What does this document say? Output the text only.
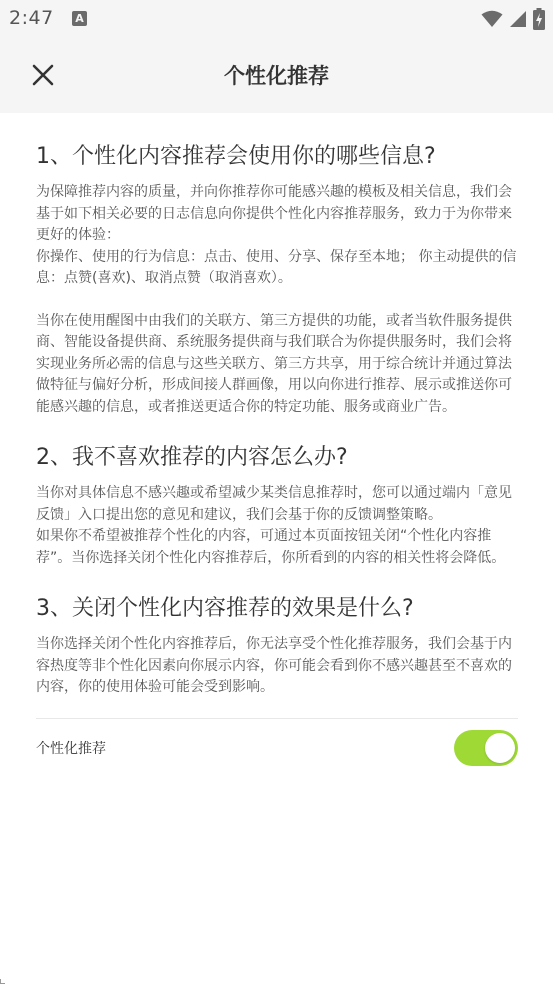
2:47 A
个性化推荐
1、个性化内容推荐会使用你的哪些信息?

为保障推荐内容的质量，并向你推荐你可能感兴趣的模板及相关信息，我们会基于如下相关必要的日志信息向你提供个性化内容推荐服务，致力于为你带来更好的体验：

你操作、使用的行为信息：点击、使用、分享、保存至本地； 你主动提供的信息：点赞(喜欢)、取消点赞（取消喜欢）。

当你在使用醒图中由我们的关联方、第三方提供的功能，或者当软件服务提供商、智能设备提供商、系统服务提供商与我们联合为你提供服务时，我们会将实现业务所必需的信息与这些关联方、第三方共享，用于综合统计并通过算法做特征与偏好分析，形成间接人群画像，用以向你进行推荐、展示或推送你可能感兴趣的信息，或者推送更适合你的特定功能、服务或商业广告。

2、我不喜欢推荐的内容怎么办?

当你对具体信息不感兴趣或希望减少某类信息推荐时，您可以通过端内「意见反馈」入口提出您的意见和建议，我们会基于你的反馈调整策略。

如果你不希望被推荐个性化的内容，可通过本页面按钮关闭“个性化内容推荐”。当你选择关闭个性化内容推荐后，你所看到的内容的相关性将会降低。

3、关闭个性化内容推荐的效果是什么?

当你选择关闭个性化内容推荐后，你无法享受个性化推荐服务，我们会基于内容热度等非个性化因素向你展示内容，你可能会看到你不感兴趣甚至不喜欢的内容，你的使用体验可能会受到影响。

个性化推荐
